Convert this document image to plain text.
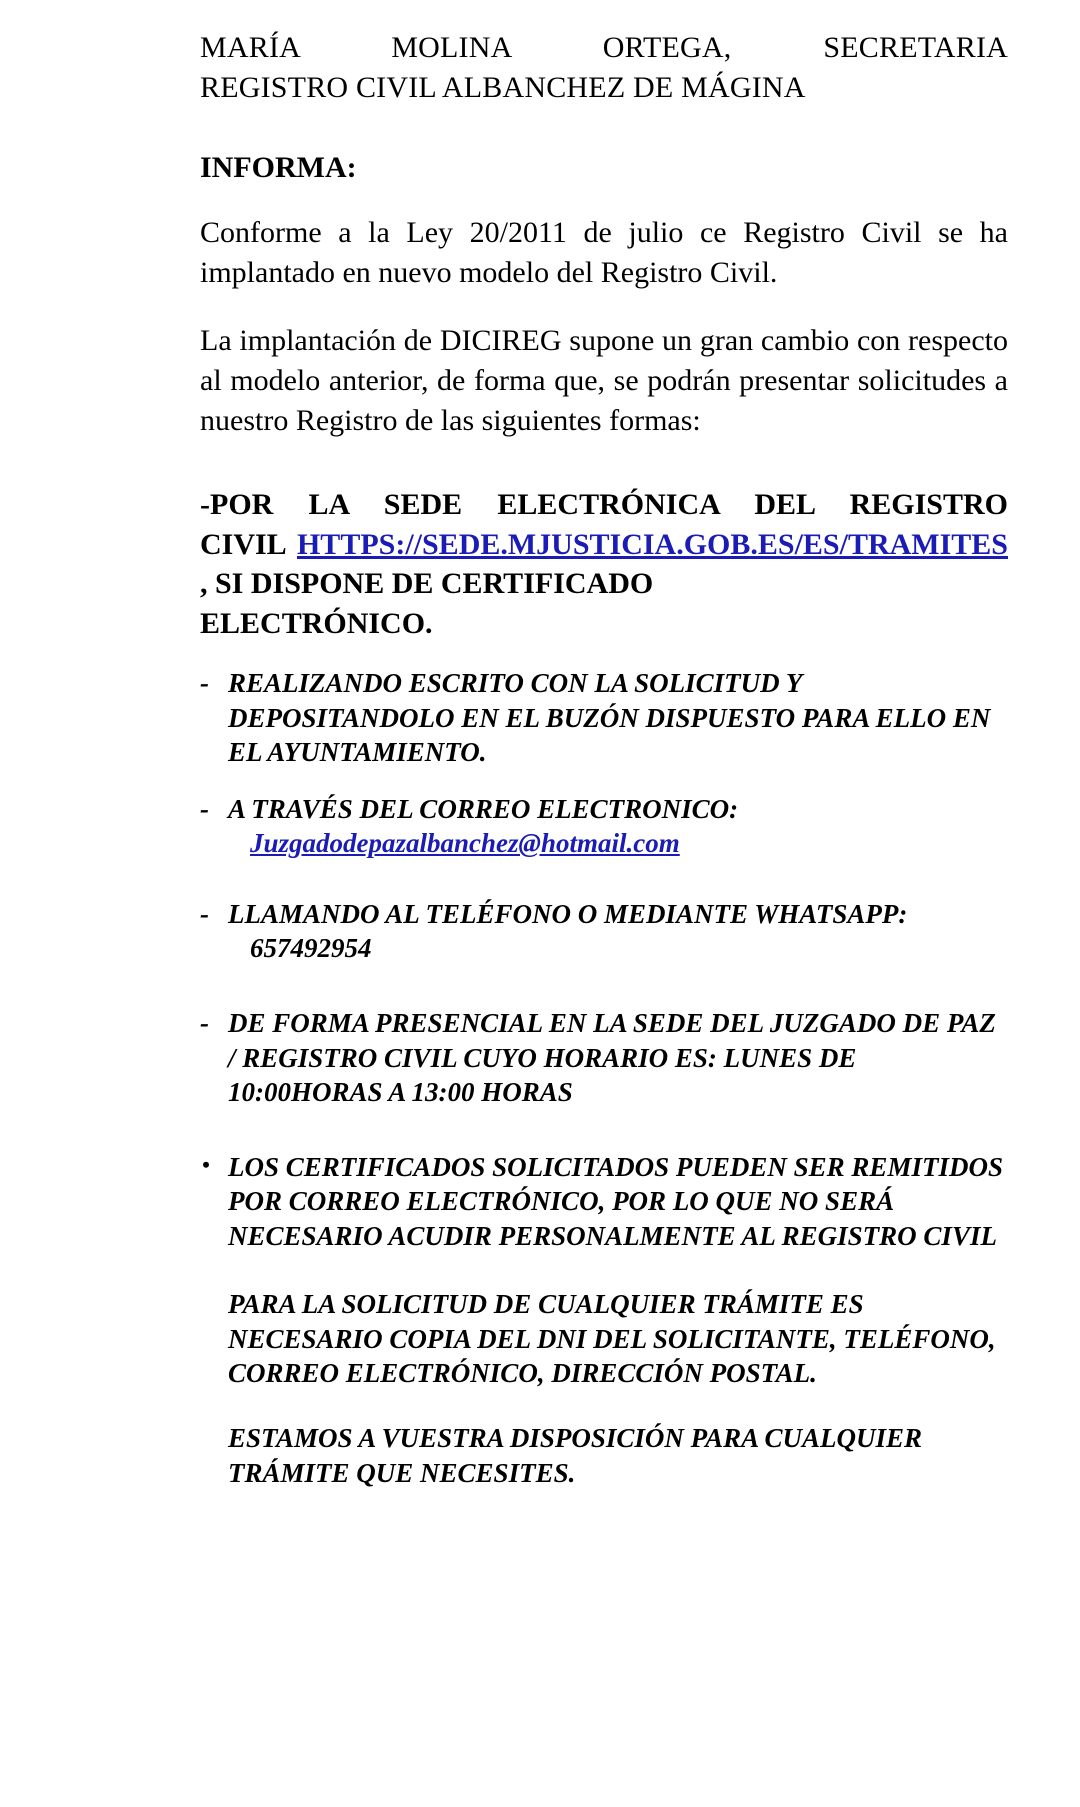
MARÍA MOLINA ORTEGA, SECRETARIA
REGISTRO CIVIL ALBANCHEZ DE MÁGINA

INFORMA:

Conforme a la Ley 20/2011 de julio ce Registro Civil se ha implantado en nuevo modelo del Registro Civil.

La implantación de DICIREG supone un gran cambio con respecto al modelo anterior, de forma que, se podrán presentar solicitudes a nuestro Registro de las siguientes formas:

-POR LA SEDE ELECTRÓNICA DEL REGISTRO
CIVIL HTTPS://SEDE.MJUSTICIA.GOB.ES/ES/TRAMITES , SI DISPONE DE CERTIFICADO
ELECTRÓNICO.
- REALIZANDO ESCRITO CON LA SOLICITUD Y DEPOSITANDOLO EN EL BUZÓN DISPUESTO PARA ELLO EN EL AYUNTAMIENTO.
- A TRAVÉS DEL CORREO ELECTRONICO:
Juzgadodepazalbanchez@hotmail.com
- LLAMANDO AL TELÉFONO O MEDIANTE WHATSAPP:
657492954
- DE FORMA PRESENCIAL EN LA SEDE DEL JUZGADO DE PAZ / REGISTRO CIVIL CUYO HORARIO ES: LUNES DE 10:00HORAS A 13:00 HORAS
• LOS CERTIFICADOS SOLICITADOS PUEDEN SER REMITIDOS POR CORREO ELECTRÓNICO, POR LO QUE NO SERÁ NECESARIO ACUDIR PERSONALMENTE AL REGISTRO CIVIL

PARA LA SOLICITUD DE CUALQUIER TRÁMITE ES NECESARIO COPIA DEL DNI DEL SOLICITANTE, TELÉFONO, CORREO ELECTRÓNICO, DIRECCIÓN POSTAL.

ESTAMOS A VUESTRA DISPOSICIÓN PARA CUALQUIER TRÁMITE QUE NECESITES.
